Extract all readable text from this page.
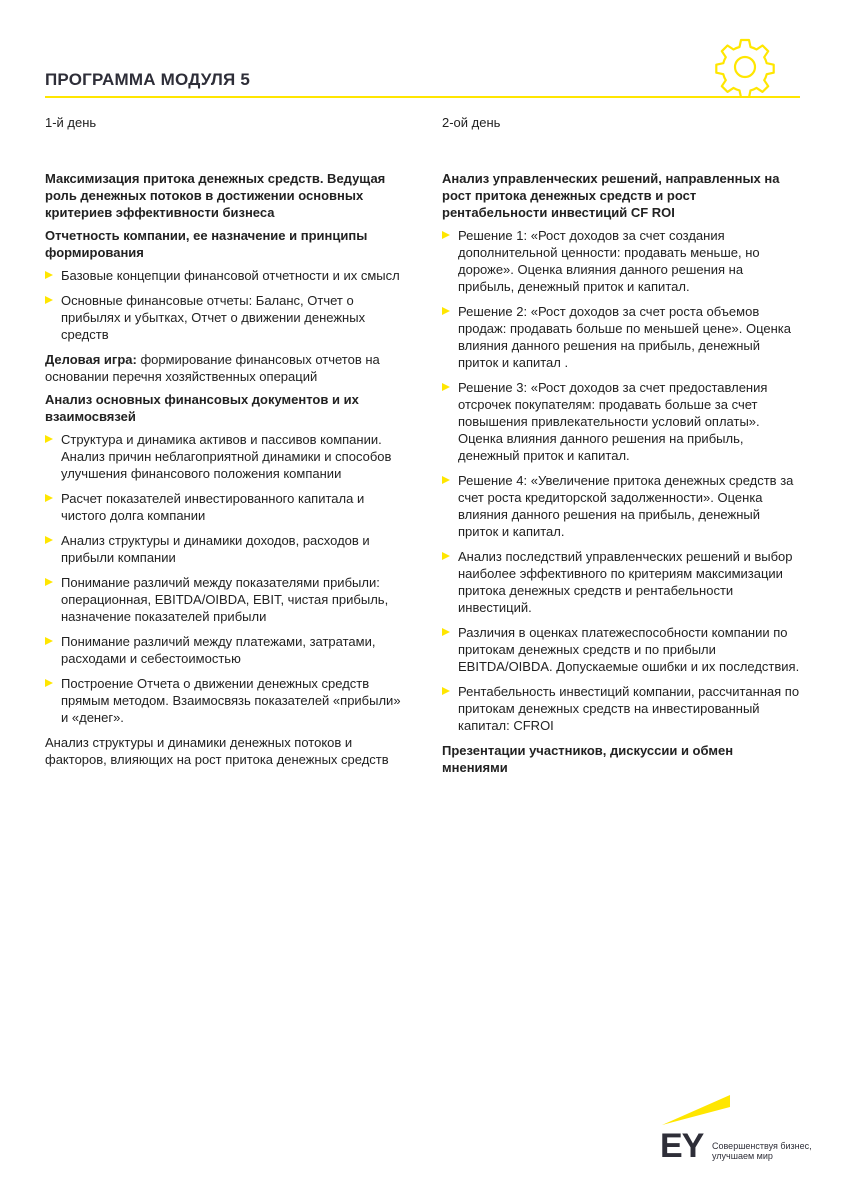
ПРОГРАММА МОДУЛЯ 5

1-й день

Максимизация притока денежных средств. Ведущая роль денежных потоков в достижении основных критериев эффективности бизнеса

Отчетность компании, ее назначение и принципы формирования

Базовые концепции финансовой отчетности и их смысл
Основные финансовые отчеты: Баланс, Отчет о прибылях и убытках, Отчет о движении денежных средств

Деловая игра: формирование финансовых отчетов на основании перечня хозяйственных операций

Анализ основных финансовых документов и их взаимосвязей

Структура и динамика активов и пассивов компании. Анализ причин неблагоприятной динамики и способов улучшения финансового положения компании
Расчет показателей инвестированного капитала и чистого долга компании
Анализ структуры и динамики доходов, расходов и прибыли компании
Понимание различий между показателями прибыли: операционная, EBITDA/OIBDA, EBIT, чистая прибыль, назначение показателей прибыли
Понимание различий между платежами, затратами, расходами и себестоимостью
Построение Отчета о движении денежных средств прямым методом. Взаимосвязь показателей «прибыли» и «денег».

Анализ структуры и динамики денежных потоков и факторов, влияющих на рост притока денежных средств

2-ой день

Анализ управленческих решений, направленных на рост притока денежных средств и рост рентабельности инвестиций CF ROI

Решение 1: «Рост доходов за счет создания дополнительной ценности: продавать меньше, но дороже». Оценка влияния данного решения на прибыль, денежный приток и капитал.
Решение 2: «Рост доходов за счет роста объемов продаж: продавать больше по меньшей цене». Оценка влияния данного решения на прибыль, денежный приток и капитал .
Решение 3: «Рост доходов за счет предоставления отсрочек покупателям: продавать больше за счет повышения привлекательности условий оплаты». Оценка влияния данного решения на прибыль, денежный приток и капитал.
Решение 4: «Увеличение притока денежных средств за счет роста кредиторской задолженности». Оценка влияния данного решения на прибыль, денежный приток и капитал.
Анализ последствий управленческих решений и выбор наиболее эффективного по критериям максимизации притока денежных средств и рентабельности инвестиций.
Различия в оценках платежеспособности компании по притокам денежных средств и по прибыли EBITDA/OIBDA. Допускаемые ошибки и их последствия.
Рентабельность инвестиций компании, рассчитанная по притокам денежных средств на инвестированный капитал: CFROI

Презентации участников, дискуссии и обмен мнениями

EY Совершенствуя бизнес, улучшаем мир
